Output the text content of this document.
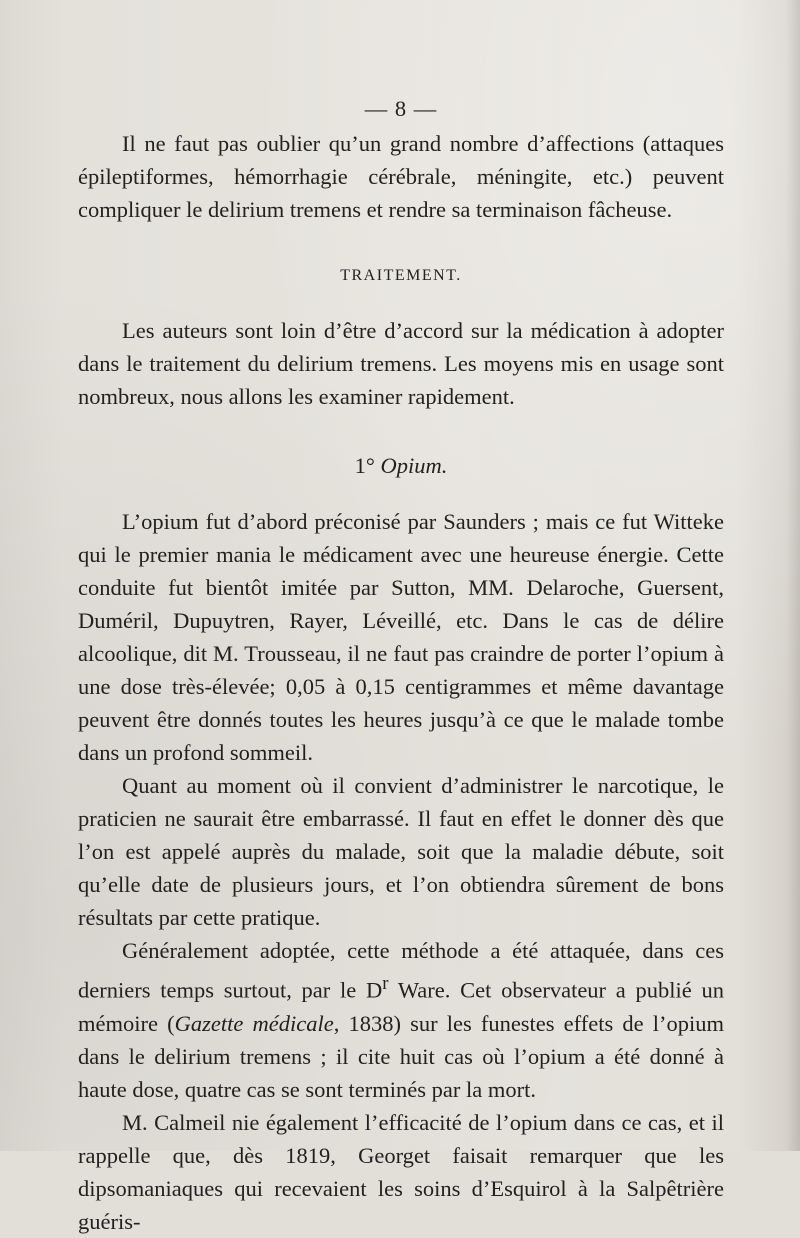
— 8 —

Il ne faut pas oublier qu’un grand nombre d’affections (attaques épileptiformes, hémorrhagie cérébrale, méningite, etc.) peuvent compliquer le delirium tremens et rendre sa terminaison fâcheuse.

TRAITEMENT.

Les auteurs sont loin d’être d’accord sur la médication à adopter dans le traitement du delirium tremens. Les moyens mis en usage sont nombreux, nous allons les examiner rapidement.

1° Opium.

L’opium fut d’abord préconisé par Saunders ; mais ce fut Witteke qui le premier mania le médicament avec une heureuse énergie. Cette conduite fut bientôt imitée par Sutton, MM. Delaroche, Guersent, Duméril, Dupuytren, Rayer, Léveillé, etc. Dans le cas de délire alcoolique, dit M. Trousseau, il ne faut pas craindre de porter l’opium à une dose très-élevée; 0,05 à 0,15 centigrammes et même davantage peuvent être donnés toutes les heures jusqu’à ce que le malade tombe dans un profond sommeil.

Quant au moment où il convient d’administrer le narcotique, le praticien ne saurait être embarrassé. Il faut en effet le donner dès que l’on est appelé auprès du malade, soit que la maladie débute, soit qu’elle date de plusieurs jours, et l’on obtiendra sûrement de bons résultats par cette pratique.

Généralement adoptée, cette méthode a été attaquée, dans ces derniers temps surtout, par le $D^r$ Ware. Cet observateur a publié un mémoire (Gazette médicale, 1838) sur les funestes effets de l’opium dans le delirium tremens ; il cite huit cas où l’opium a été donné à haute dose, quatre cas se sont terminés par la mort.

M. Calmeil nie également l’efficacité de l’opium dans ce cas, et il rappelle que, dès 1819, Georget faisait remarquer que les dipsomaniaques qui recevaient les soins d’Esquirol à la Salpêtrière guéris-
